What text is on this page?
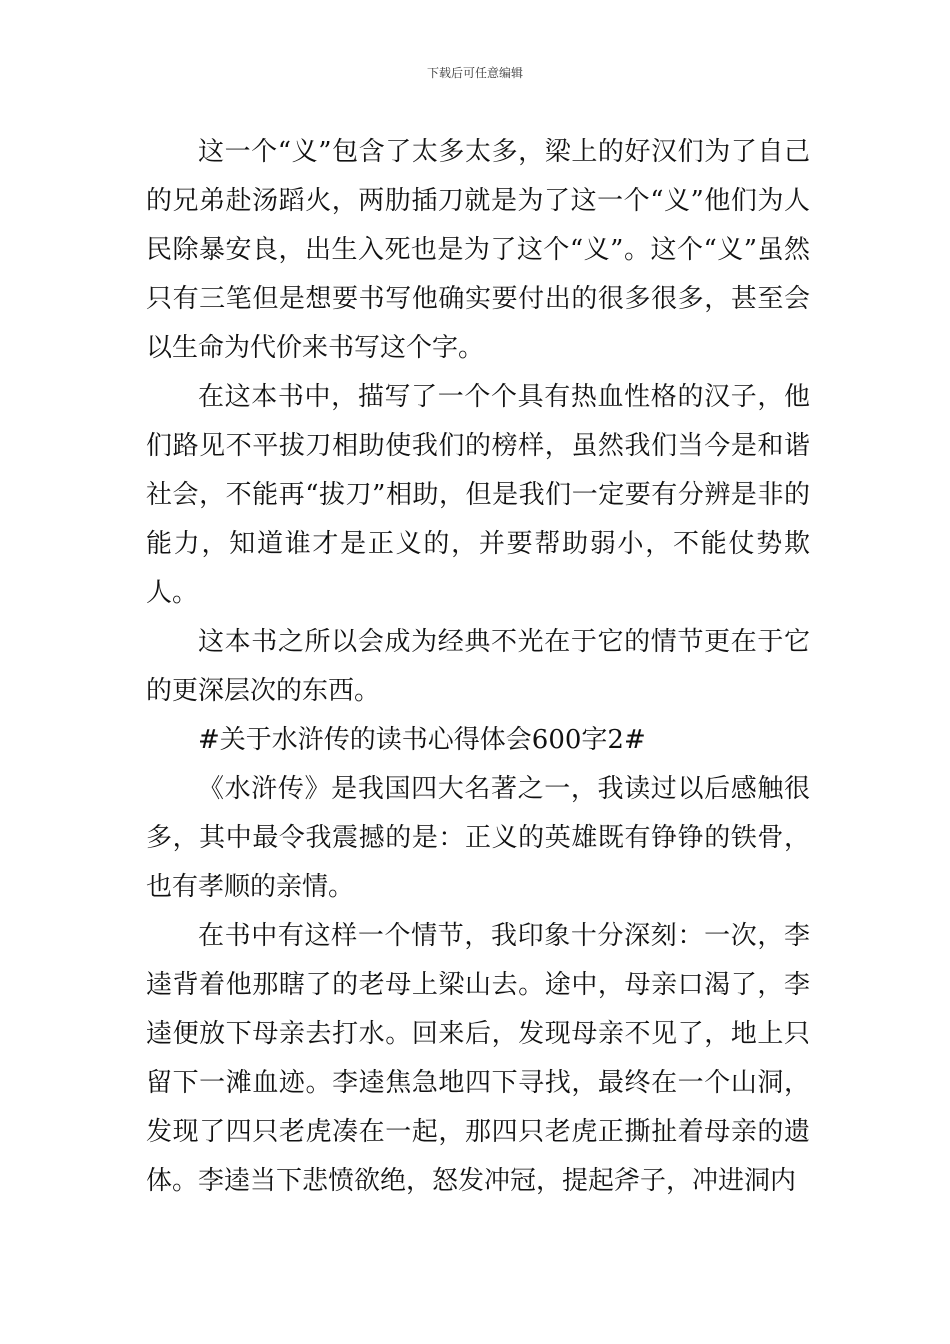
下载后可任意编辑

这一个“义”包含了太多太多，梁上的好汉们为了自己的兄弟赴汤蹈火，两肋插刀就是为了这一个“义”他们为人民除暴安良，出生入死也是为了这个“义”。这个“义”虽然只有三笔但是想要书写他确实要付出的很多很多，甚至会以生命为代价来书写这个字。

在这本书中，描写了一个个具有热血性格的汉子，他们路见不平拔刀相助使我们的榜样，虽然我们当今是和谐社会，不能再“拔刀”相助，但是我们一定要有分辨是非的能力，知道谁才是正义的，并要帮助弱小，不能仗势欺人。

这本书之所以会成为经典不光在于它的情节更在于它的更深层次的东西。

#关于水浒传的读书心得体会600字2#

《水浒传》是我国四大名著之一，我读过以后感触很多，其中最令我震撼的是：正义的英雄既有铮铮的铁骨，也有孝顺的亲情。

在书中有这样一个情节，我印象十分深刻：一次，李逵背着他那瞎了的老母上梁山去。途中，母亲口渴了，李逵便放下母亲去打水。回来后，发现母亲不见了，地上只留下一滩血迹。李逵焦急地四下寻找，最终在一个山洞，发现了四只老虎凑在一起，那四只老虎正撕扯着母亲的遗体。李逵当下悲愤欲绝，怒发冲冠，提起斧子，冲进洞内
